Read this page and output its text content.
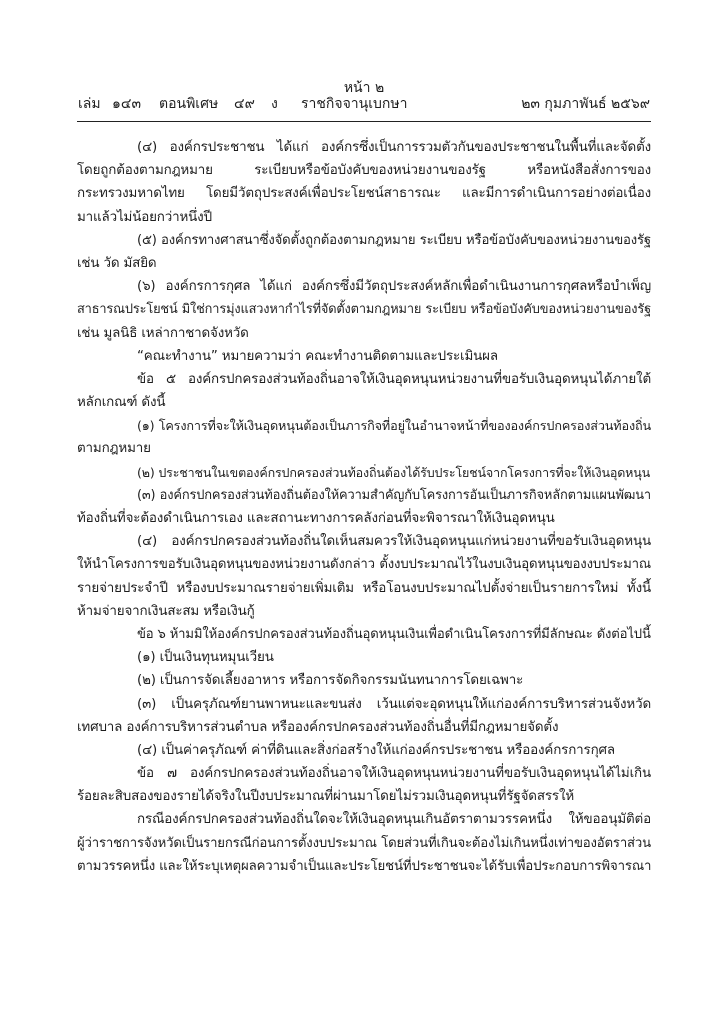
หน้า ๒
เล่ม ๑๔๓ ตอนพิเศษ ๔๙ ง ราชกิจจานุเบกษา	๒๓ กุมภาพันธ์ ๒๕๖๙
(๔) องค์กรประชาชน ได้แก่ องค์กรซึ่งเป็นการรวมตัวกันของประชาชนในพื้นที่และจัดตั้ง
โดยถูกต้องตามกฎหมาย ระเบียบหรือข้อบังคับของหน่วยงานของรัฐ หรือหนังสือสั่งการของ
กระทรวงมหาดไทย โดยมีวัตถุประสงค์เพื่อประโยชน์สาธารณะ และมีการดำเนินการอย่างต่อเนื่อง
มาแล้วไม่น้อยกว่าหนึ่งปี
(๕) องค์กรทางศาสนาซึ่งจัดตั้งถูกต้องตามกฎหมาย ระเบียบ หรือข้อบังคับของหน่วยงานของรัฐ
เช่น วัด มัสยิด
(๖) องค์กรการกุศล ได้แก่ องค์กรซึ่งมีวัตถุประสงค์หลักเพื่อดำเนินงานการกุศลหรือบำเพ็ญ
สาธารณประโยชน์ มิใช่การมุ่งแสวงหากำไรที่จัดตั้งตามกฎหมาย ระเบียบ หรือข้อบังคับของหน่วยงานของรัฐ
เช่น มูลนิธิ เหล่ากาชาดจังหวัด
“คณะทำงาน” หมายความว่า คณะทำงานติดตามและประเมินผล
ข้อ ๕ องค์กรปกครองส่วนท้องถิ่นอาจให้เงินอุดหนุนหน่วยงานที่ขอรับเงินอุดหนุนได้ภายใต้
หลักเกณฑ์ ดังนี้
(๑) โครงการที่จะให้เงินอุดหนุนต้องเป็นภารกิจที่อยู่ในอำนาจหน้าที่ขององค์กรปกครองส่วนท้องถิ่น
ตามกฎหมาย
(๒) ประชาชนในเขตองค์กรปกครองส่วนท้องถิ่นต้องได้รับประโยชน์จากโครงการที่จะให้เงินอุดหนุน
(๓) องค์กรปกครองส่วนท้องถิ่นต้องให้ความสำคัญกับโครงการอันเป็นภารกิจหลักตามแผนพัฒนา
ท้องถิ่นที่จะต้องดำเนินการเอง และสถานะทางการคลังก่อนที่จะพิจารณาให้เงินอุดหนุน
(๔) องค์กรปกครองส่วนท้องถิ่นใดเห็นสมควรให้เงินอุดหนุนแก่หน่วยงานที่ขอรับเงินอุดหนุน
ให้นำโครงการขอรับเงินอุดหนุนของหน่วยงานดังกล่าว ตั้งงบประมาณไว้ในงบเงินอุดหนุนของงบประมาณ
รายจ่ายประจำปี หรืองบประมาณรายจ่ายเพิ่มเติม หรือโอนงบประมาณไปตั้งจ่ายเป็นรายการใหม่ ทั้งนี้
ห้ามจ่ายจากเงินสะสม หรือเงินกู้
ข้อ ๖ ห้ามมิให้องค์กรปกครองส่วนท้องถิ่นอุดหนุนเงินเพื่อดำเนินโครงการที่มีลักษณะ ดังต่อไปนี้
(๑) เป็นเงินทุนหมุนเวียน
(๒) เป็นการจัดเลี้ยงอาหาร หรือการจัดกิจกรรมนันทนาการโดยเฉพาะ
(๓) เป็นครุภัณฑ์ยานพาหนะและขนส่ง เว้นแต่จะอุดหนุนให้แก่องค์การบริหารส่วนจังหวัด
เทศบาล องค์การบริหารส่วนตำบล หรือองค์กรปกครองส่วนท้องถิ่นอื่นที่มีกฎหมายจัดตั้ง
(๔) เป็นค่าครุภัณฑ์ ค่าที่ดินและสิ่งก่อสร้างให้แก่องค์กรประชาชน หรือองค์กรการกุศล
ข้อ ๗ องค์กรปกครองส่วนท้องถิ่นอาจให้เงินอุดหนุนหน่วยงานที่ขอรับเงินอุดหนุนได้ไม่เกิน
ร้อยละสิบสองของรายได้จริงในปีงบประมาณที่ผ่านมาโดยไม่รวมเงินอุดหนุนที่รัฐจัดสรรให้
กรณีองค์กรปกครองส่วนท้องถิ่นใดจะให้เงินอุดหนุนเกินอัตราตามวรรคหนึ่ง ให้ขออนุมัติต่อ
ผู้ว่าราชการจังหวัดเป็นรายกรณีก่อนการตั้งงบประมาณ โดยส่วนที่เกินจะต้องไม่เกินหนึ่งเท่าของอัตราส่วน
ตามวรรคหนึ่ง และให้ระบุเหตุผลความจำเป็นและประโยชน์ที่ประชาชนจะได้รับเพื่อประกอบการพิจารณา
